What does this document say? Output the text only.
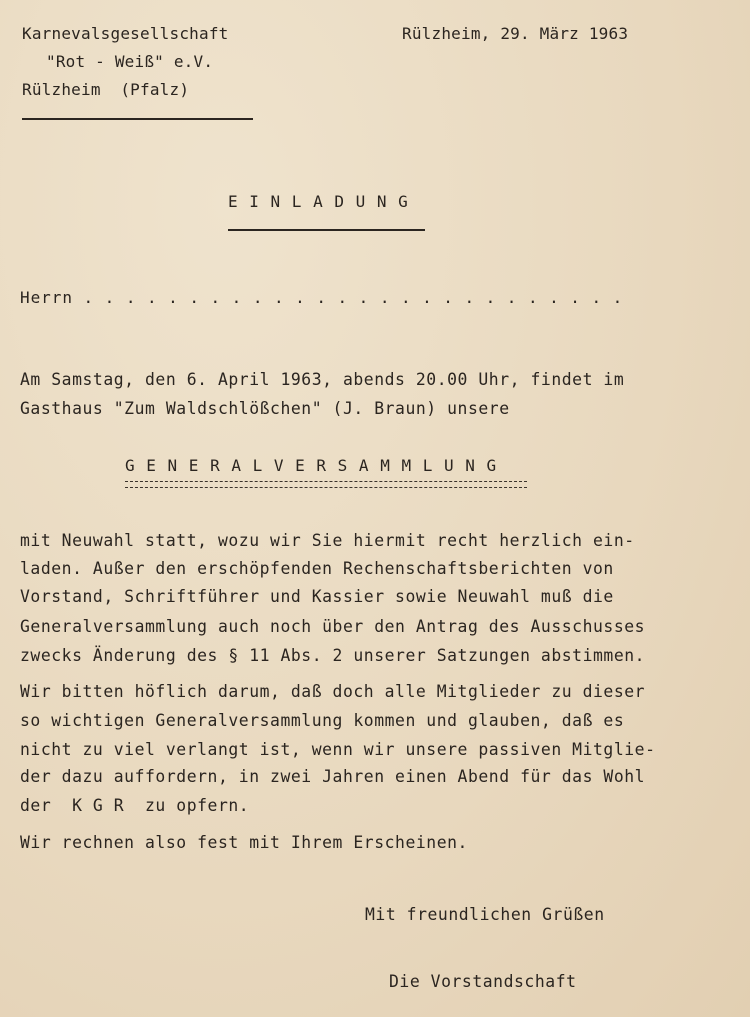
Karnevalsgesellschaft
"Rot - Weiß" e.V.
Rülzheim  (Pfalz)
Rülzheim, 29. März 1963
E I N L A D U N G
Herrn . . . . . . . . . . . . . . . . . . . . . . . . . .
Am Samstag, den 6. April 1963, abends 20.00 Uhr, findet im
Gasthaus "Zum Waldschlößchen" (J. Braun) unsere
G E N E R A L V E R S A M M L U N G
mit Neuwahl statt, wozu wir Sie hiermit recht herzlich ein-
laden. Außer den erschöpfenden Rechenschaftsberichten von
Vorstand, Schriftführer und Kassier sowie Neuwahl muß die
Generalversammlung auch noch über den Antrag des Ausschusses
zwecks Änderung des § 11 Abs. 2 unserer Satzungen abstimmen.
Wir bitten höflich darum, daß doch alle Mitglieder zu dieser
so wichtigen Generalversammlung kommen und glauben, daß es
nicht zu viel verlangt ist, wenn wir unsere passiven Mitglie-
der dazu auffordern, in zwei Jahren einen Abend für das Wohl
der  K G R  zu opfern.
Wir rechnen also fest mit Ihrem Erscheinen.
Mit freundlichen Grüßen
Die Vorstandschaft
